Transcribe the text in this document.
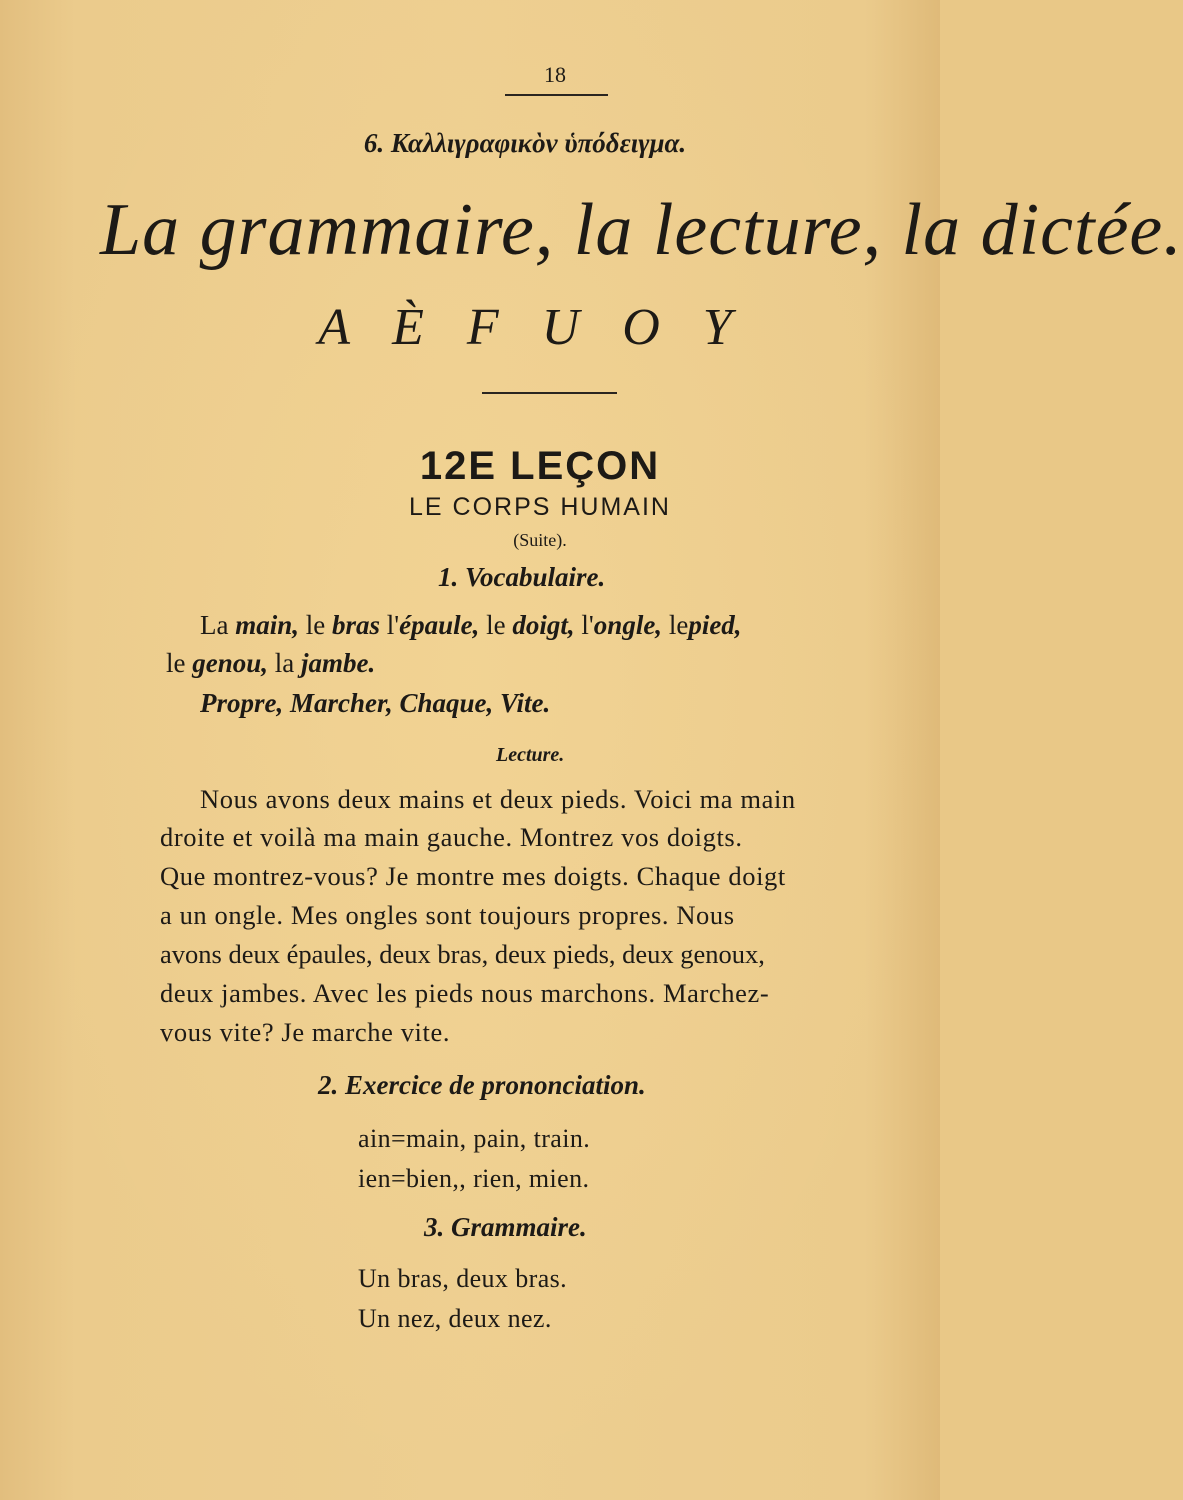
18
6. Καλλιγραφικὸν ὑπόδειγμα.
La grammaire, la lecture, la dictée.
A È F U O Y
12E LEÇON
LE CORPS HUMAIN
(Suite).
1. Vocabulaire.
La main, le bras l'épaule, le doigt, l'ongle, lepied,
le genou, la jambe.
Propre, Marcher, Chaque, Vite.
Lecture.
Nous avons deux mains et deux pieds. Voici ma main
droite et voilà ma main gauche. Montrez vos doigts.
Que montrez-vous? Je montre mes doigts. Chaque doigt
a un ongle. Mes ongles sont toujours propres. Nous
avons deux épaules, deux bras, deux pieds, deux genoux,
deux jambes. Avec les pieds nous marchons. Marchez-
vous vite? Je marche vite.
2. Exercice de prononciation.
ain=main, pain, train.
ien=bien,, rien, mien.
3. Grammaire.
Un bras, deux bras.
Un nez, deux nez.
